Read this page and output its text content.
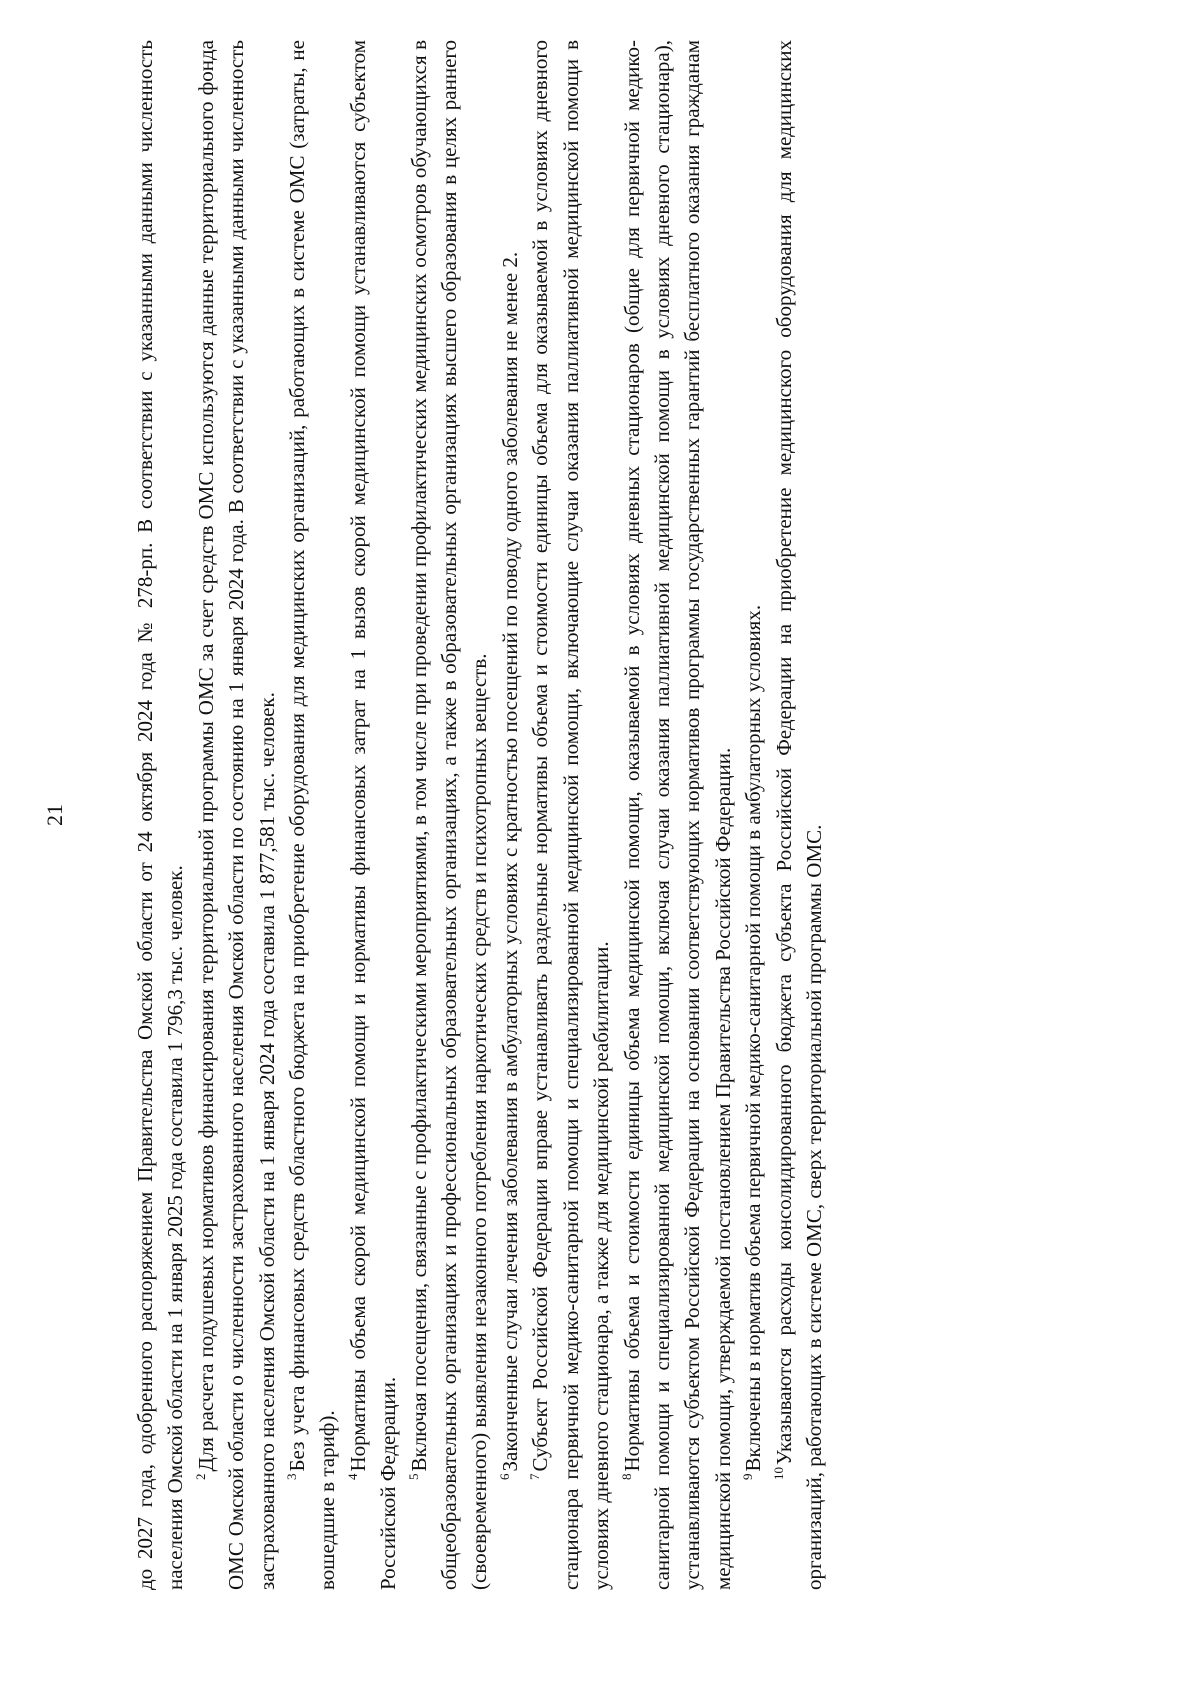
21	до 2027 года, одобренного распоряжением Правительства Омской области от 24 октября 2024 года № 278-рп. В соответствии с указанными данными численность населения Омской области на 1 января 2025 года составила 1 796,3 тыс. человек. $^2$Для расчета подушевых нормативов финансирования территориальной программы ОМС за счет средств ОМС используются данные территориального фонда ОМС Омской области о численности застрахованного населения Омской области по состоянию на 1 января 2024 года. В соответствии с указанными данными численность застрахованного населения Омской области на 1 января 2024 года составила 1 877,581 тыс. человек. $^3$Без учета финансовых средств областного бюджета на приобретение оборудования для медицинских организаций, работающих в системе ОМС (затраты, не вошедшие в тариф). $^4$Нормативы объема скорой медицинской помощи и нормативы финансовых затрат на 1 вызов скорой медицинской помощи устанавливаются субъектом Российской Федерации. $^5$Включая посещения, связанные с профилактическими мероприятиями, в том числе при проведении профилактических медицинских осмотров обучающихся в общеобразовательных организациях и профессиональных образовательных организациях, а также в образовательных организациях высшего образования в целях раннего (своевременного) выявления незаконного потребления наркотических средств и психотропных веществ. $^6$Законченные случаи лечения заболевания в амбулаторных условиях с кратностью посещений по поводу одного заболевания не менее 2.

$^7$Субъект Российской Федерации вправе устанавливать раздельные нормативы объема и стоимости единицы объема для оказываемой в условиях дневного стационара первичной медико-санитарной помощи и специализированной медицинской помощи, включающие случаи оказания паллиативной медицинской помощи в условиях дневного стационара, а также для медицинской реабилитации. $^8$Нормативы объема и стоимости единицы объема медицинской помощи, оказываемой в условиях дневных стационаров (общие для первичной медико-санитарной помощи и специализированной медицинской помощи, включая случаи оказания паллиативной медицинской помощи в условиях дневного стационара), устанавливаются субъектом Российской Федерации на основании соответствующих нормативов программы государственных гарантий бесплатного оказания гражданам медицинской помощи, утверждаемой постановлением Правительства Российской Федерации. $^9$Включены в норматив объема первичной медико-санитарной помощи в амбулаторных условиях.

$^{10}$Указываются расходы консолидированного бюджета субъекта Российской Федерации на приобретение медицинского оборудования для медицинских организаций, работающих в системе ОМС, сверх территориальной программы ОМС.
